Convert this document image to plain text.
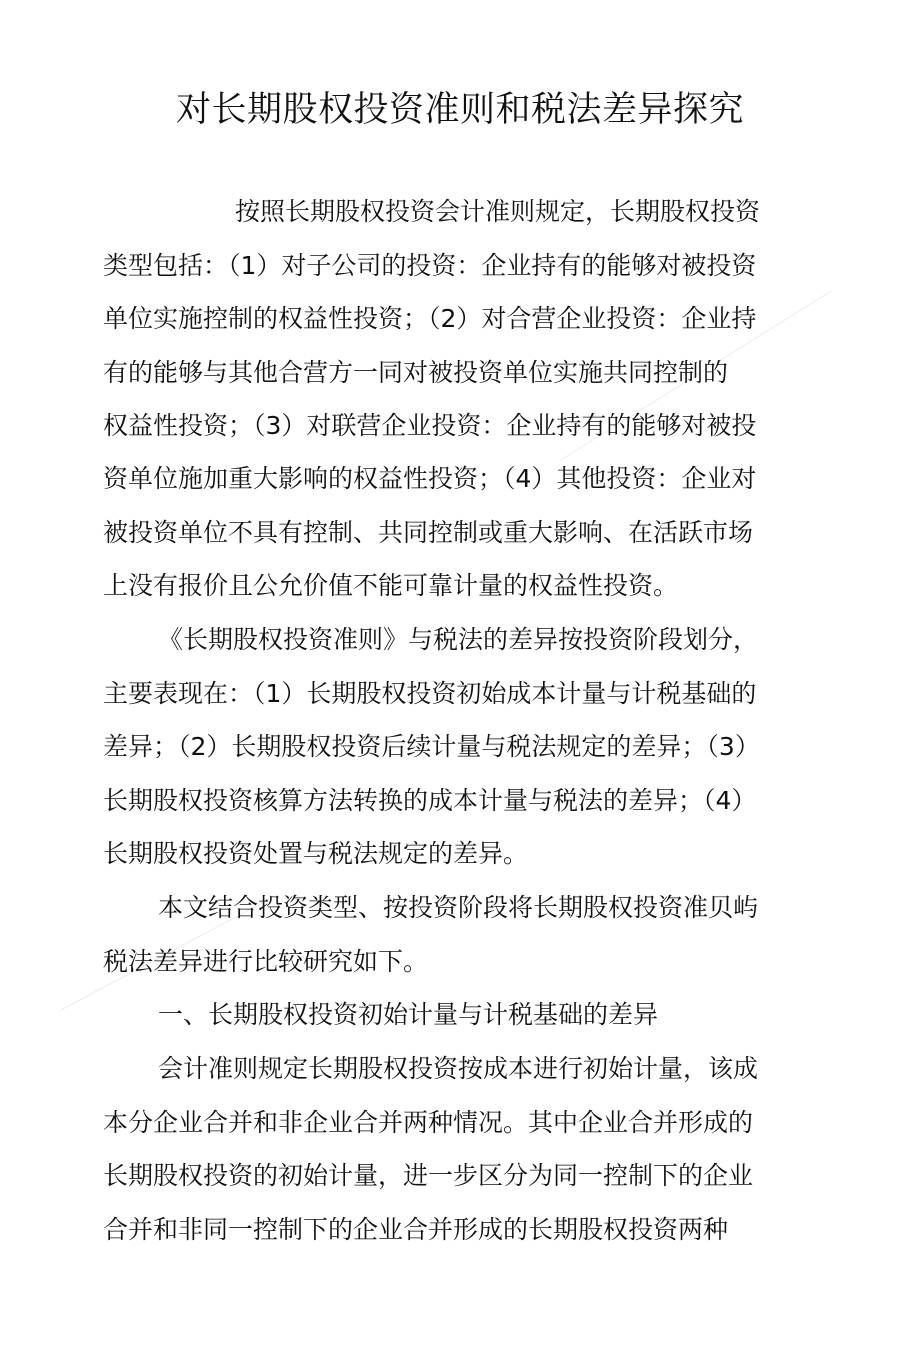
对长期股权投资准则和税法差异探究

按照长期股权投资会计准则规定，长期股权投资

类型包括：（1）对子公司的投资：企业持有的能够对被投资

单位实施控制的权益性投资；（2）对合营企业投资：企业持

有的能够与其他合营方一同对被投资单位实施共同控制的

权益性投资；（3）对联营企业投资：企业持有的能够对被投

资单位施加重大影响的权益性投资；（4）其他投资：企业对

被投资单位不具有控制、共同控制或重大影响、在活跃市场

上没有报价且公允价值不能可靠计量的权益性投资。

《长期股权投资准则》与税法的差异按投资阶段划分，

主要表现在：（1）长期股权投资初始成本计量与计税基础的

差异；（2）长期股权投资后续计量与税法规定的差异；（3）

长期股权投资核算方法转换的成本计量与税法的差异；（4）

长期股权投资处置与税法规定的差异。

本文结合投资类型、按投资阶段将长期股权投资准贝屿

税法差异进行比较研究如下。

一、长期股权投资初始计量与计税基础的差异

会计准则规定长期股权投资按成本进行初始计量，该成

本分企业合并和非企业合并两种情况。其中企业合并形成的

长期股权投资的初始计量，进一步区分为同一控制下的企业

合并和非同一控制下的企业合并形成的长期股权投资两种
